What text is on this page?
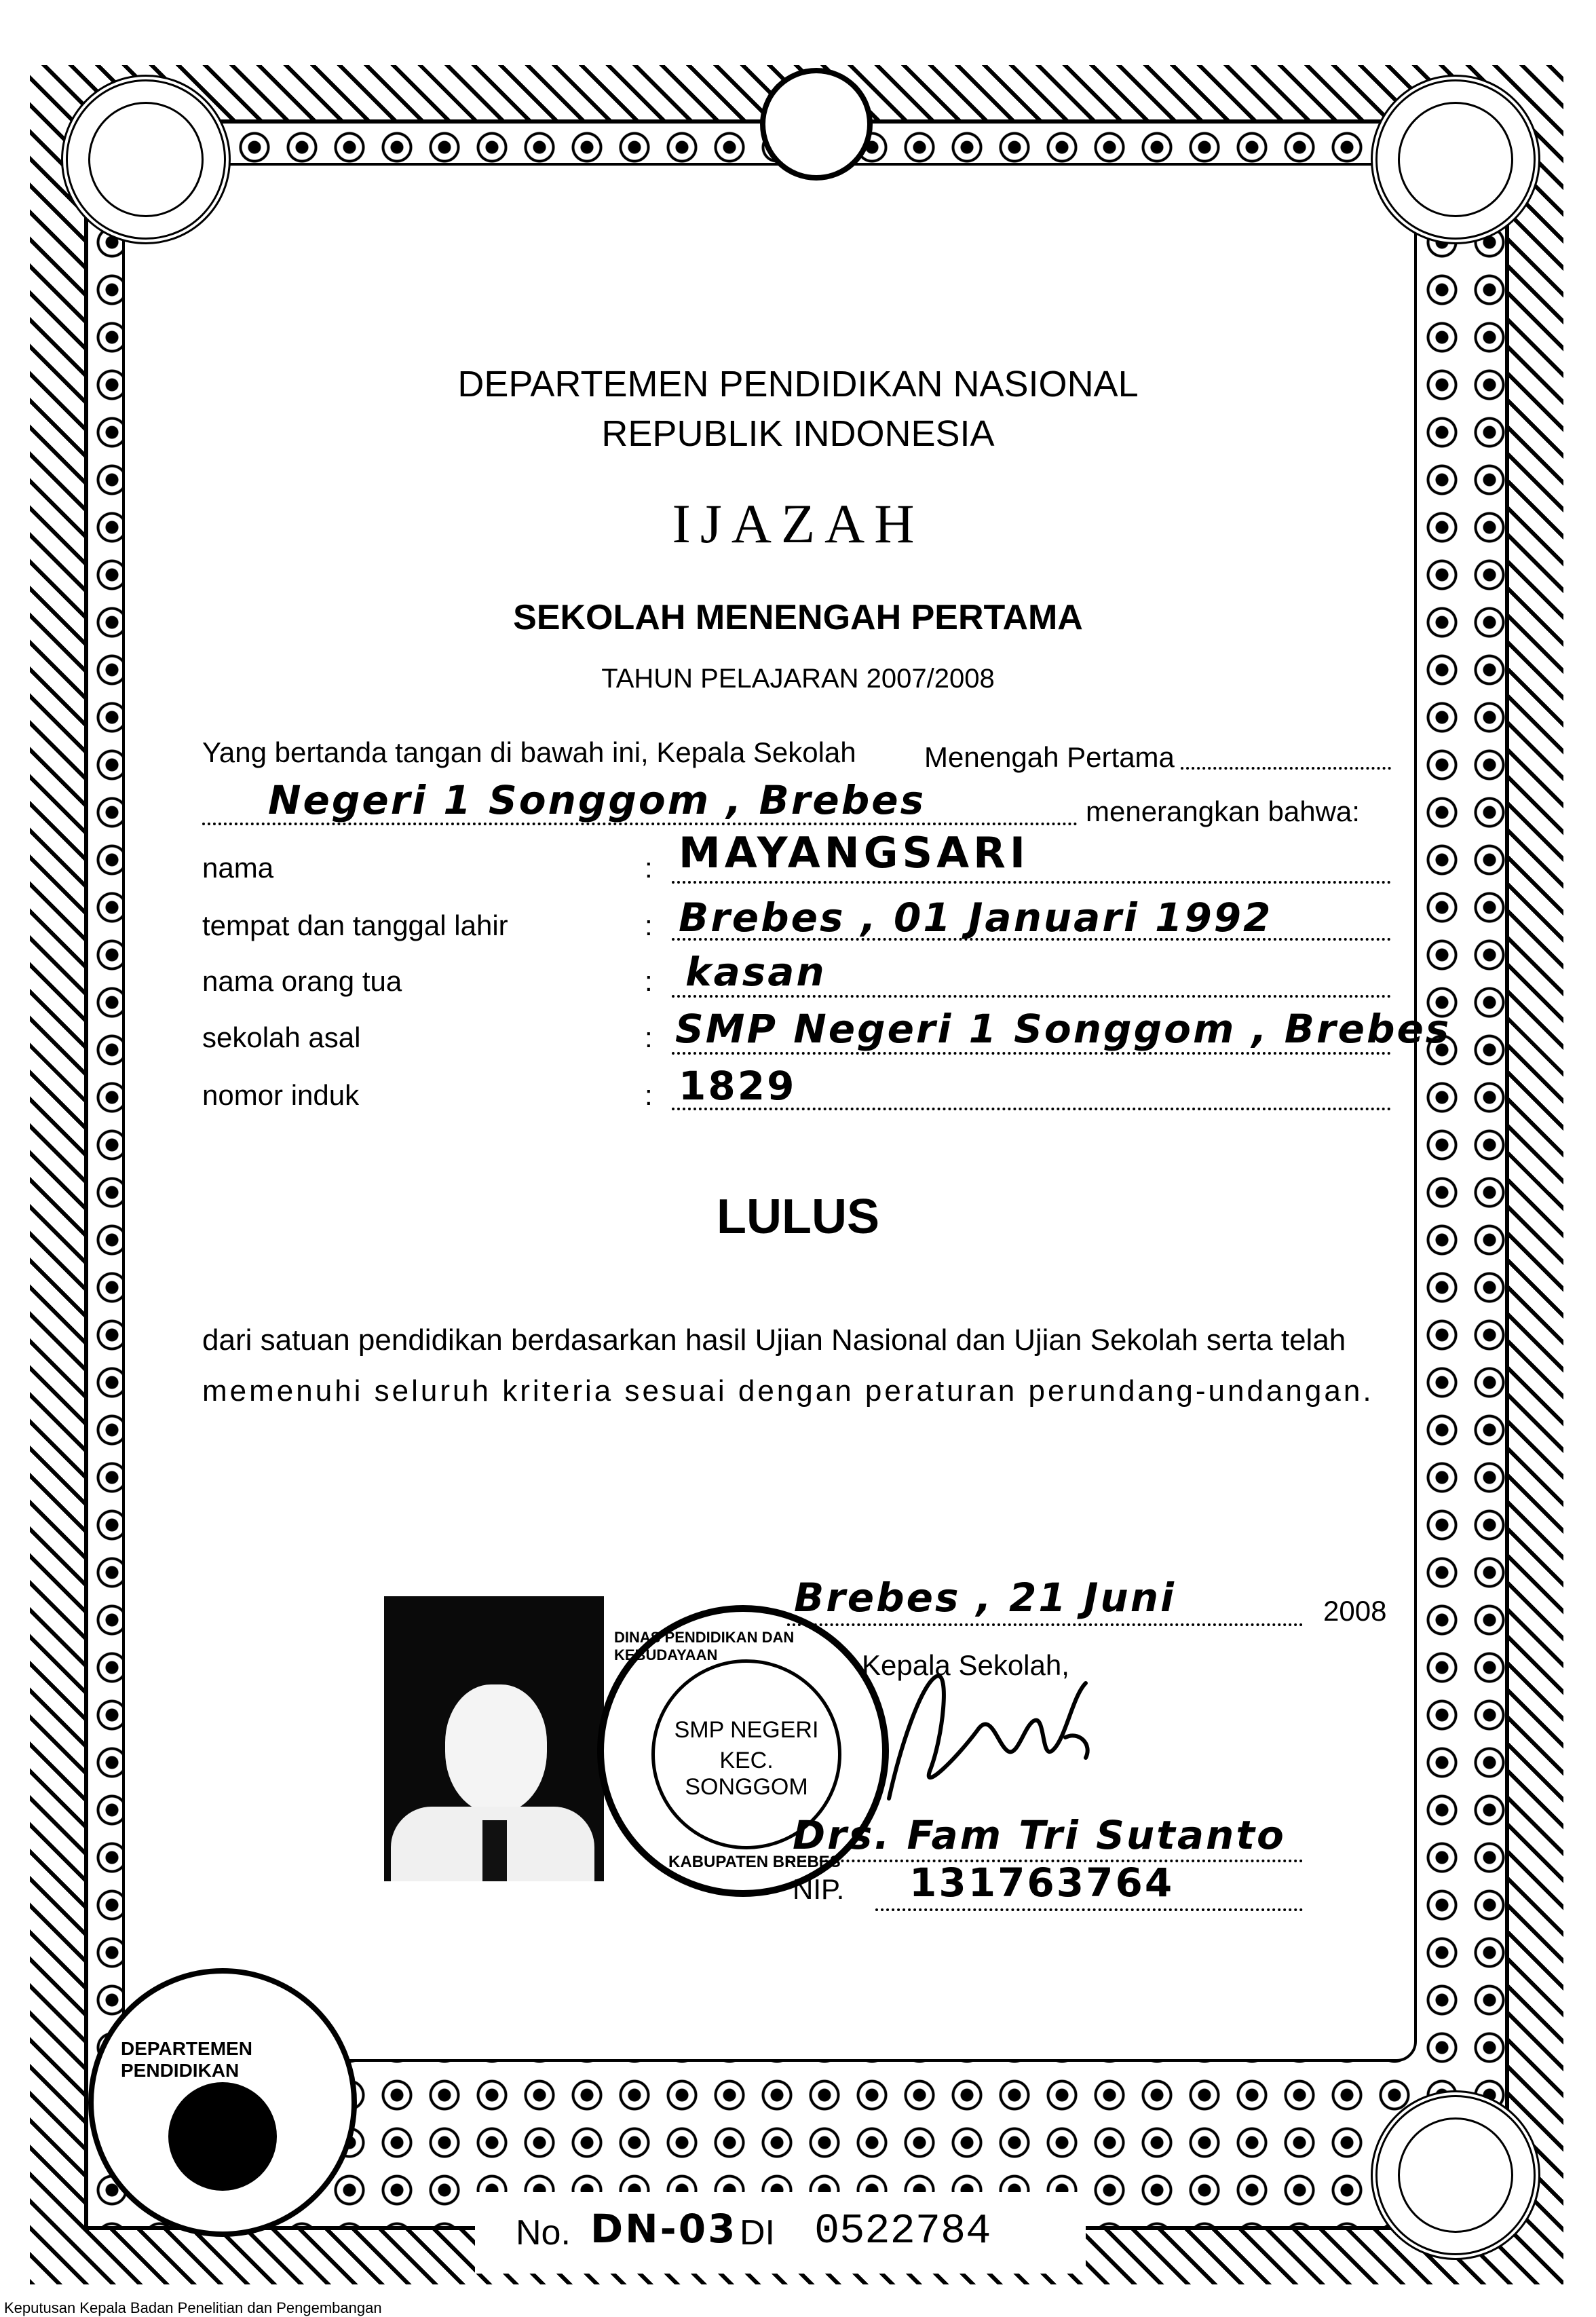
DEPARTEMEN PENDIDIKAN NASIONAL
REPUBLIK INDONESIA
IJAZAH
SEKOLAH MENENGAH PERTAMA
TAHUN PELAJARAN 2007/2008
Yang bertanda tangan di bawah ini, Kepala Sekolah Menengah Pertama
Negeri 1 Songgom , Brebes	menerangkan bahwa:
nama	: MAYANGSARI
tempat dan tanggal lahir	: Brebes , 01 Januari 1992
nama orang tua	: kasan
sekolah asal	: SMP Negeri 1 Songgom , Brebes
nomor induk	: 1829
LULUS
dari satuan pendidikan berdasarkan hasil Ujian Nasional dan Ujian Sekolah serta telah
memenuhi seluruh kriteria sesuai dengan peraturan perundang-undangan.
Brebes , 21 Juni	2008
Kepala Sekolah,
SMP NEGERI
KEC. SONGGOM
DINAS PENDIDIKAN DAN KEBUDAYAAN
KABUPATEN BREBES
Drs. Fam Tri Sutanto
NIP. 131763764
DEPARTEMEN PENDIDIKAN
No. DN-03 DI 0522784
Keputusan Kepala Badan Penelitian dan Pengembangan
